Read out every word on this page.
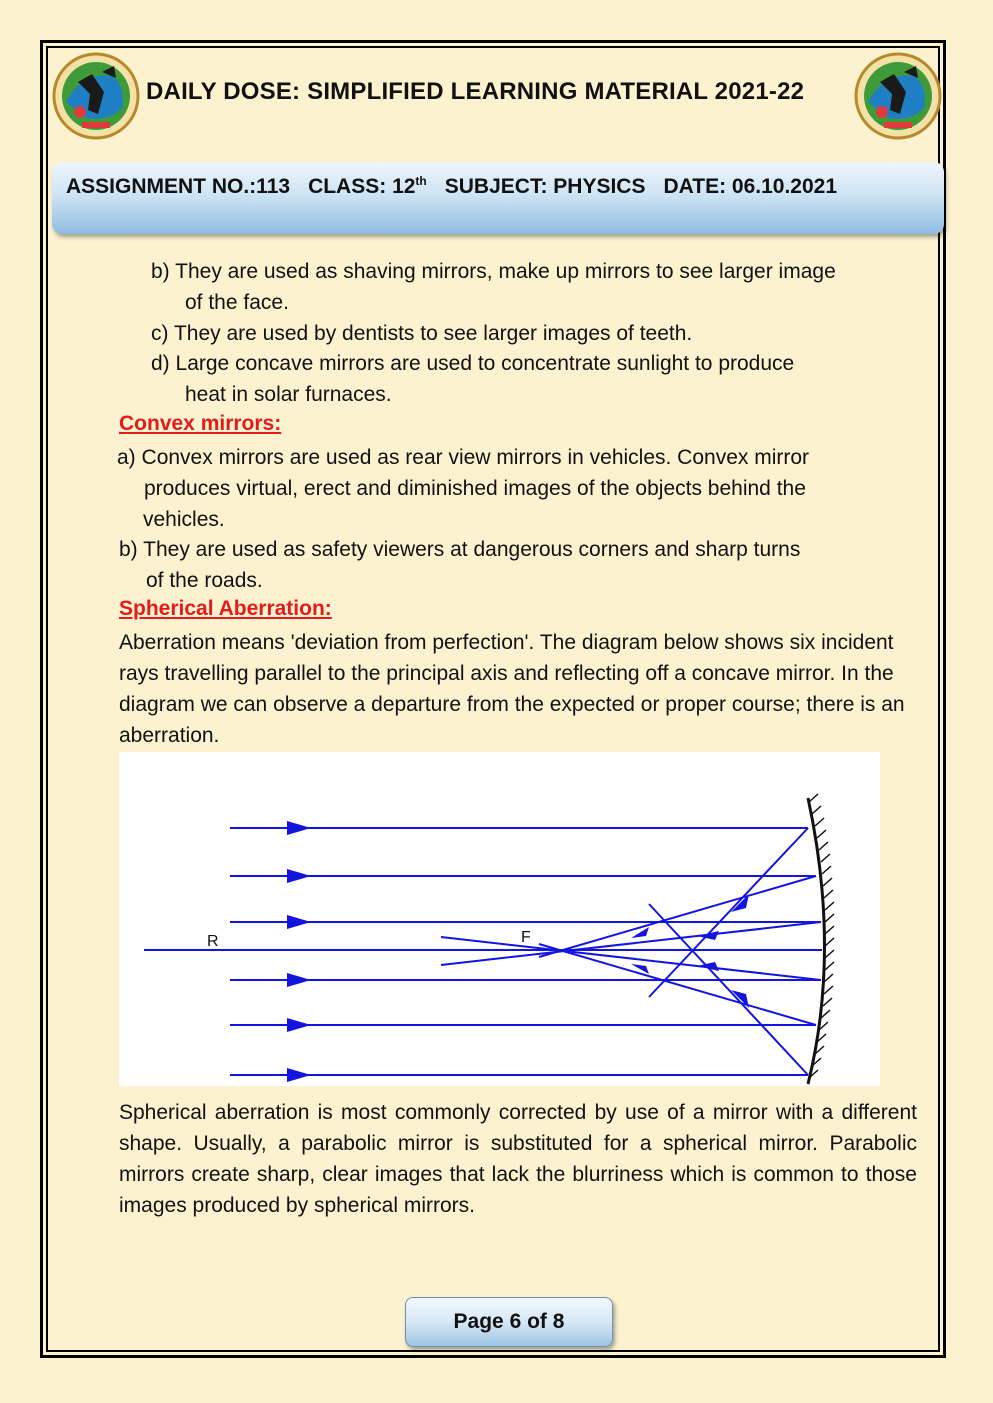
DAILY DOSE: SIMPLIFIED LEARNING MATERIAL 2021-22
ASSIGNMENT NO.:113 CLASS: 12th SUBJECT: PHYSICS DATE: 06.10.2021
b) They are used as shaving mirrors, make up mirrors to see larger image
of the face.
c) They are used by dentists to see larger images of teeth.
d) Large concave mirrors are used to concentrate sunlight to produce
heat in solar furnaces.
Convex mirrors:
a) Convex mirrors are used as rear view mirrors in vehicles. Convex mirror
produces virtual, erect and diminished images of the objects behind the
vehicles.
b) They are used as safety viewers at dangerous corners and sharp turns
of the roads.
Spherical Aberration:

Aberration means 'deviation from perfection'. The diagram below shows six incident rays travelling parallel to the principal axis and reflecting off a concave mirror. In the diagram we can observe a departure from the expected or proper course; there is an aberration.

R	F

Spherical aberration is most commonly corrected by use of a mirror with a different shape. Usually, a parabolic mirror is substituted for a spherical mirror. Parabolic mirrors create sharp, clear images that lack the blurriness which is common to those images produced by spherical mirrors.

Page 6 of 8
